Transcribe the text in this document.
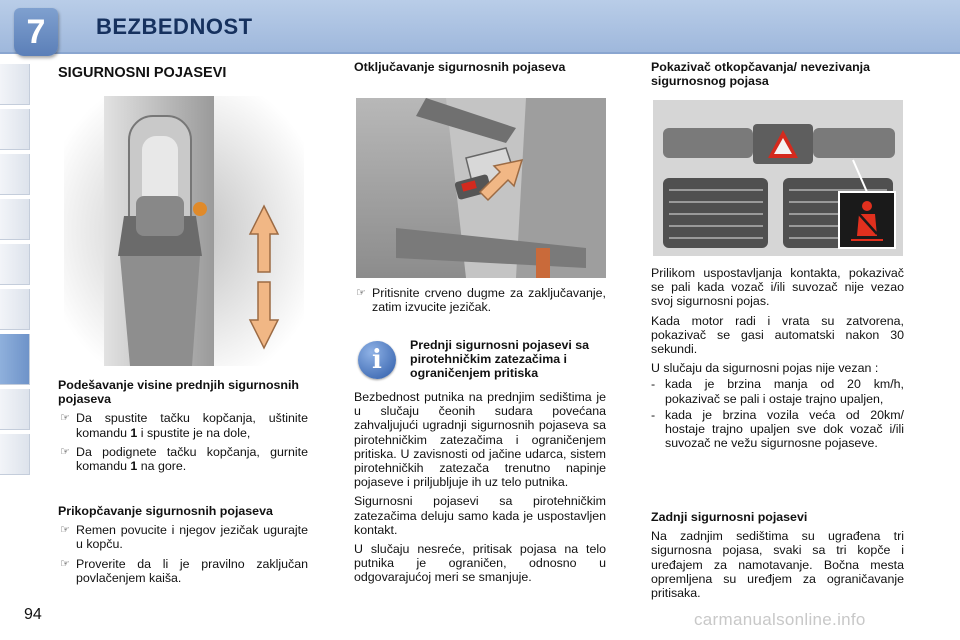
7	BEZBEDNOST
SIGURNOSNI POJASEVI
Podešavanje visine prednjih sigurnosnih pojaseva
☞ Da spustite tačku kopčanja, uštinite komandu 1 i spustite je na dole,
☞ Da podignete tačku kopčanja, gurnite komandu 1 na gore.
Prikopčavanje sigurnosnih pojaseva
☞ Remen povucite i njegov jezičak ugurajte u kopču.
☞ Proverite da li je pravilno zaključan povlačenjem kaiša.
Otključavanje sigurnosnih pojaseva
☞ Pritisnite crveno dugme za zaključavanje, zatim izvucite jezičak.
i	Prednji sigurnosni pojasevi sa pirotehničkim zatezačima i ograničenjem pritiska

Bezbednost putnika na prednjim sedištima je u slučaju čeonih sudara povećana zahvaljujući ugradnji sigurnosnih pojaseva sa pirotehničkim zatezačima i ograničenjem pritiska. U zavisnosti od jačine udarca, sistem pirotehničkih zatezača trenutno napinje pojaseve i priljubljuje ih uz telo putnika.

Sigurnosni pojasevi sa pirotehničkim zatezačima deluju samo kada je uspostavljen kontakt.

U slučaju nesreće, pritisak pojasa na telo putnika je ograničen, odnosno u odgovarajućoj meri se smanjuje.

Pokazivač otkopčavanja/ nevezivanja sigurnosnog pojasa

Prilikom uspostavljanja kontakta, pokazivač se pali kada vozač i/ili suvozač nije vezao svoj sigurnosni pojas.

Kada motor radi i vrata su zatvorena, pokazivač se gasi automatski nakon 30 sekundi.

U slučaju da sigurnosni pojas nije vezan :

- kada je brzina manja od 20 km/h, pokazivač se pali i ostaje trajno upaljen,
- kada je brzina vozila veća od 20km/ hostaje trajno upaljen sve dok vozač i/ili suvozač ne vežu sigurnosne pojaseve.
Zadnji sigurnosni pojasevi

Na zadnjim sedištima su ugrađena tri sigurnosna pojasa, svaki sa tri kopče i uređajem za namotavanje. Bočna mesta opremljena su uređjem za ograničavanje pritisaka.

94	carmanualsonline.info
